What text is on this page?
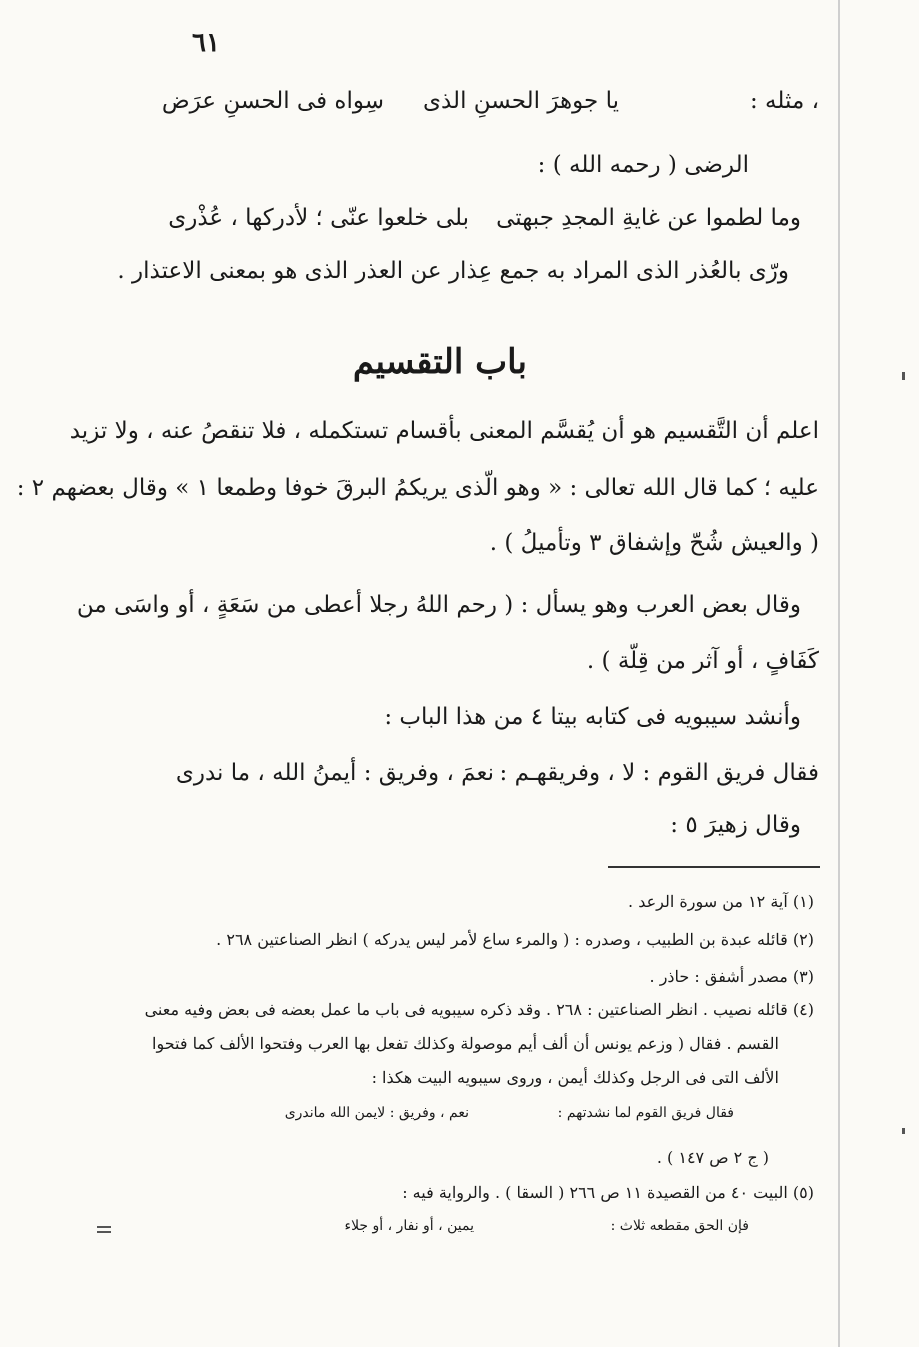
٦١
، مثله :
يا جوهرَ الحسنِ الذى
سِواه فى الحسنِ عرَض
الرضى ( رحمه الله ) :
وما لطموا عن غايةِ المجدِ جبهتى
بلى خلعوا عنّى ؛ لأدركها ، عُذْرى
ورّى بالعُذر الذى المراد به جمع عِذار عن العذر الذى هو بمعنى الاعتذار .
باب التقسيم
اعلم أن التَّقسيم هو أن يُقسَّم المعنى بأقسام تستكمله ، فلا تنقصُ عنه ، ولا تزيد
عليه ؛ كما قال الله تعالى : « وهو الّذى يريكمُ البرقَ خوفا وطمعا ١ » وقال بعضهم ٢ :
( والعيش شُحّ وإشفاق ٣ وتأميلُ ) .
وقال بعض العرب وهو يسأل : ( رحم اللهُ رجلا أعطى من سَعَةٍ ، أو واسَى من
كَفَافٍ ، أو آثر من قِلّة ) .
وأنشد سيبويه فى كتابه بيتا ٤ من هذا الباب :
فقال فريق القوم : لا ، وفريقهـم :
نعمَ ، وفريق : أيمنُ الله ، ما ندرى
وقال زهيرَ ٥ :
(١) آية ١٢ من سورة الرعد .
(٢) قائله عبدة بن الطبيب ، وصدره : ( والمرء ساع لأمر ليس يدركه ) انظر الصناعتين ٢٦٨ .
(٣) مصدر أشفق : حاذر .
(٤) قائله نصيب . انظر الصناعتين : ٢٦٨ . وقد ذكره سيبويه فى باب ما عمل بعضه فى بعض وفيه معنى
القسم . فقال ( وزعم يونس أن ألف أيم موصولة وكذلك تفعل بها العرب وفتحوا الألف كما فتحوا
الألف التى فى الرجل وكذلك أيمن ، وروى سيبويه البيت هكذا :
فقال فريق القوم لما نشدتهم :
نعم ، وفريق : لايمن الله ماندرى
( ج ٢ ص ١٤٧ ) .
(٥) البيت ٤٠ من القصيدة ١١ ص ٢٦٦ ( السقا ) . والرواية فيه :
فإن الحق مقطعه ثلاث :
يمين ، أو نفار ، أو جلاء
